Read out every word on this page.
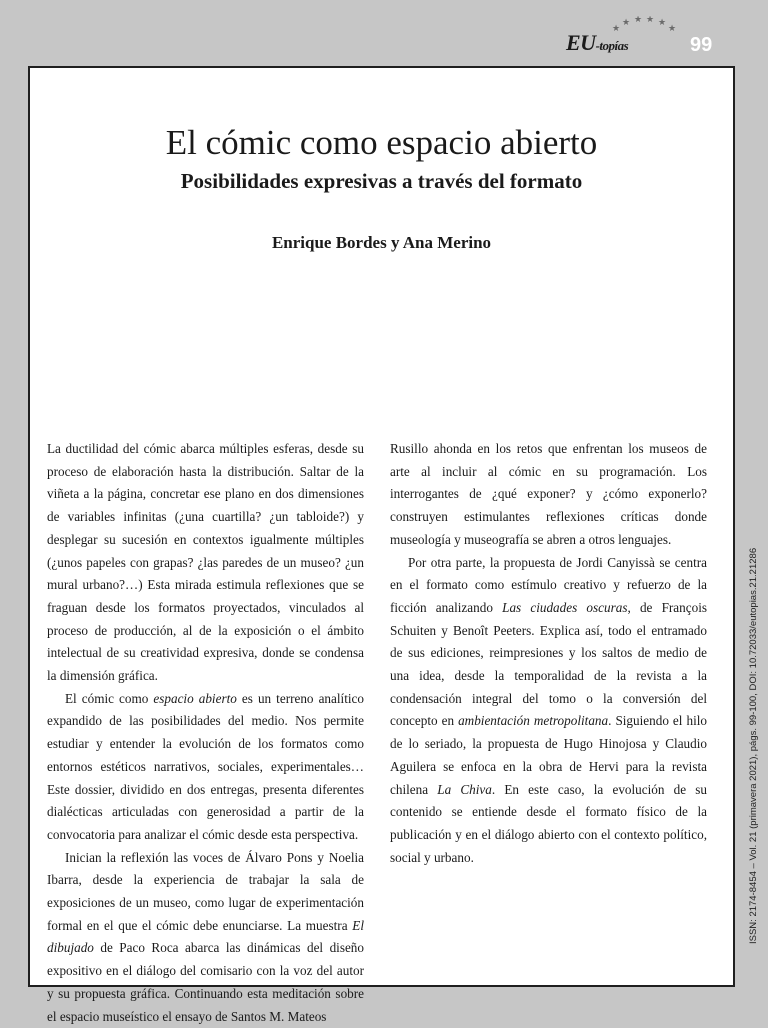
★
★ ★ ★ ★
★
EU-topías	99
El cómic como espacio abierto
Posibilidades expresivas a través del formato
Enrique Bordes y Ana Merino

La ductilidad del cómic abarca múltiples esferas, desde su proceso de elaboración hasta la distribución. Saltar de la viñeta a la página, concretar ese plano en dos dimensiones de variables infinitas (¿una cuartilla? ¿un tabloide?) y desplegar su sucesión en contextos igualmente múltiples (¿unos papeles con grapas? ¿las paredes de un museo? ¿un mural urbano?…) Esta mirada estimula reflexiones que se fraguan desde los formatos proyectados, vinculados al proceso de producción, al de la exposición o el ámbito intelectual de su creatividad expresiva, donde se condensa la dimensión gráfica.

El cómic como espacio abierto es un terreno analítico expandido de las posibilidades del medio. Nos permite estudiar y entender la evolución de los formatos como entornos estéticos narrativos, sociales, experimentales… Este dossier, dividido en dos entregas, presenta diferentes dialécticas articuladas con generosidad a partir de la convocatoria para analizar el cómic desde esta perspectiva.

Inician la reflexión las voces de Álvaro Pons y Noelia Ibarra, desde la experiencia de trabajar la sala de exposiciones de un museo, como lugar de experimentación formal en el que el cómic debe enunciarse. La muestra El dibujado de Paco Roca abarca las dinámicas del diseño expositivo en el diálogo del comisario con la voz del autor y su propuesta gráfica. Continuando esta meditación sobre el espacio museístico el ensayo de Santos M. Mateos

Rusillo ahonda en los retos que enfrentan los museos de arte al incluir al cómic en su programación. Los interrogantes de ¿qué exponer? y ¿cómo exponerlo? construyen estimulantes reflexiones críticas donde museología y museografía se abren a otros lenguajes.

Por otra parte, la propuesta de Jordi Canyissà se centra en el formato como estímulo creativo y refuerzo de la ficción analizando Las ciudades oscuras, de François Schuiten y Benoît Peeters. Explica así, todo el entramado de sus ediciones, reimpresiones y los saltos de medio de una idea, desde la temporalidad de la revista a la condensación integral del tomo o la conversión del concepto en ambientación metropolitana. Siguiendo el hilo de lo seriado, la propuesta de Hugo Hinojosa y Claudio Aguilera se enfoca en la obra de Hervi para la revista chilena La Chiva. En este caso, la evolución de su contenido se entiende desde el formato físico de la publicación y en el diálogo abierto con el contexto político, social y urbano.	ISSN: 2174-8454 – Vol. 21 (primavera 2021), págs. 99-100, DOI: 10.72033/eutopias.21.21286
